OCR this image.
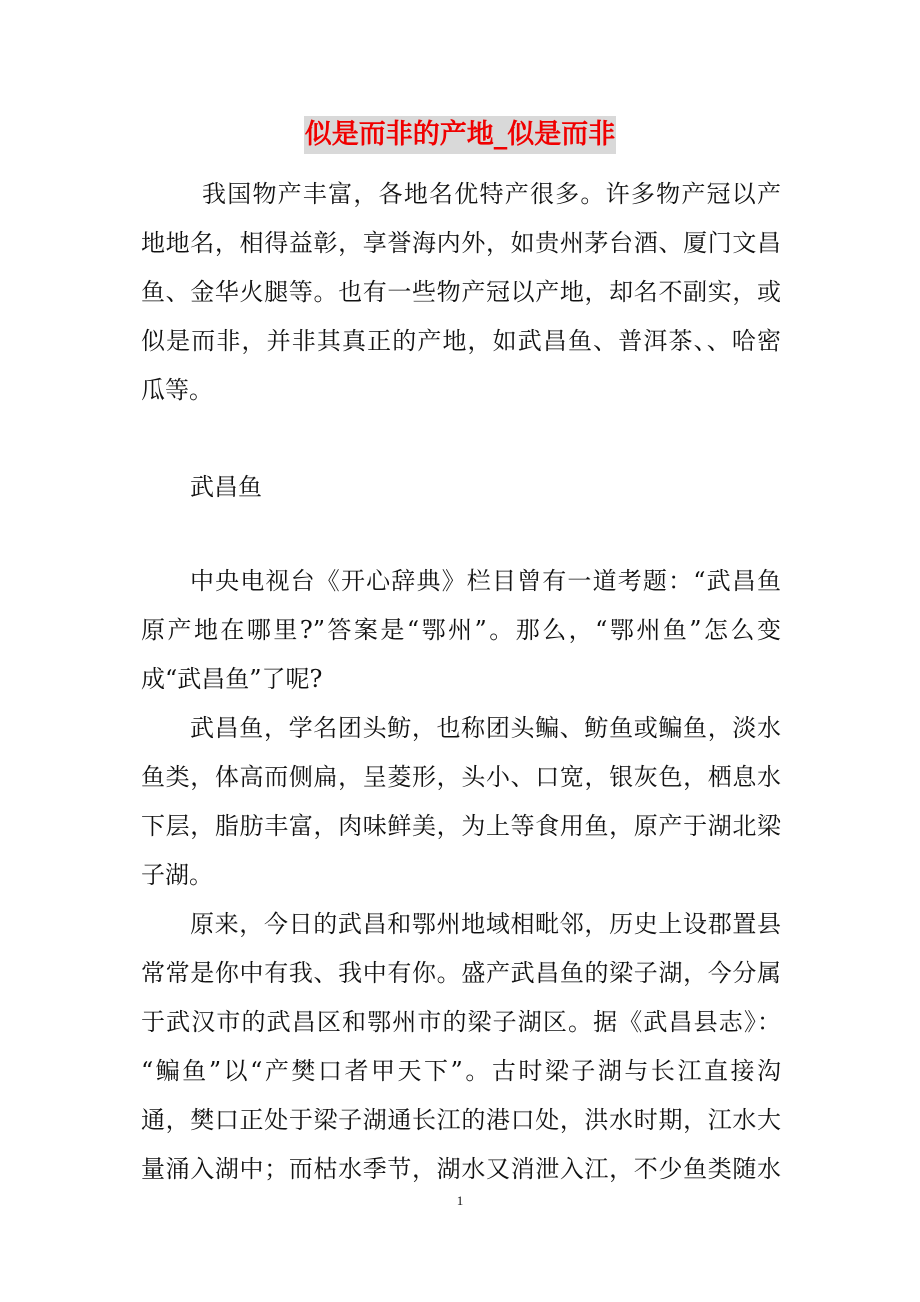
似是而非的产地_似是而非
我国物产丰富，各地名优特产很多。许多物产冠以产
地地名，相得益彰，享誉海内外，如贵州茅台酒、厦门文昌
鱼、金华火腿等。也有一些物产冠以产地，却名不副实，或
似是而非，并非其真正的产地，如武昌鱼、普洱茶、、哈密
瓜等。
武昌鱼
中央电视台《开心辞典》栏目曾有一道考题：“武昌鱼
原产地在哪里?”答案是“鄂州”。那么，“鄂州鱼”怎么变
成“武昌鱼”了呢?
武昌鱼，学名团头鲂，也称团头鳊、鲂鱼或鳊鱼，淡水
鱼类，体高而侧扁，呈菱形，头小、口宽，银灰色，栖息水
下层，脂肪丰富，肉味鲜美，为上等食用鱼，原产于湖北梁
子湖。
原来，今日的武昌和鄂州地域相毗邻，历史上设郡置县
常常是你中有我、我中有你。盛产武昌鱼的梁子湖，今分属
于武汉市的武昌区和鄂州市的梁子湖区。据《武昌县志》：
“鳊鱼”以“产樊口者甲天下”。古时梁子湖与长江直接沟
通，樊口正处于梁子湖通长江的港口处，洪水时期，江水大
量涌入湖中；而枯水季节，湖水又消泄入江，不少鱼类随水
1
